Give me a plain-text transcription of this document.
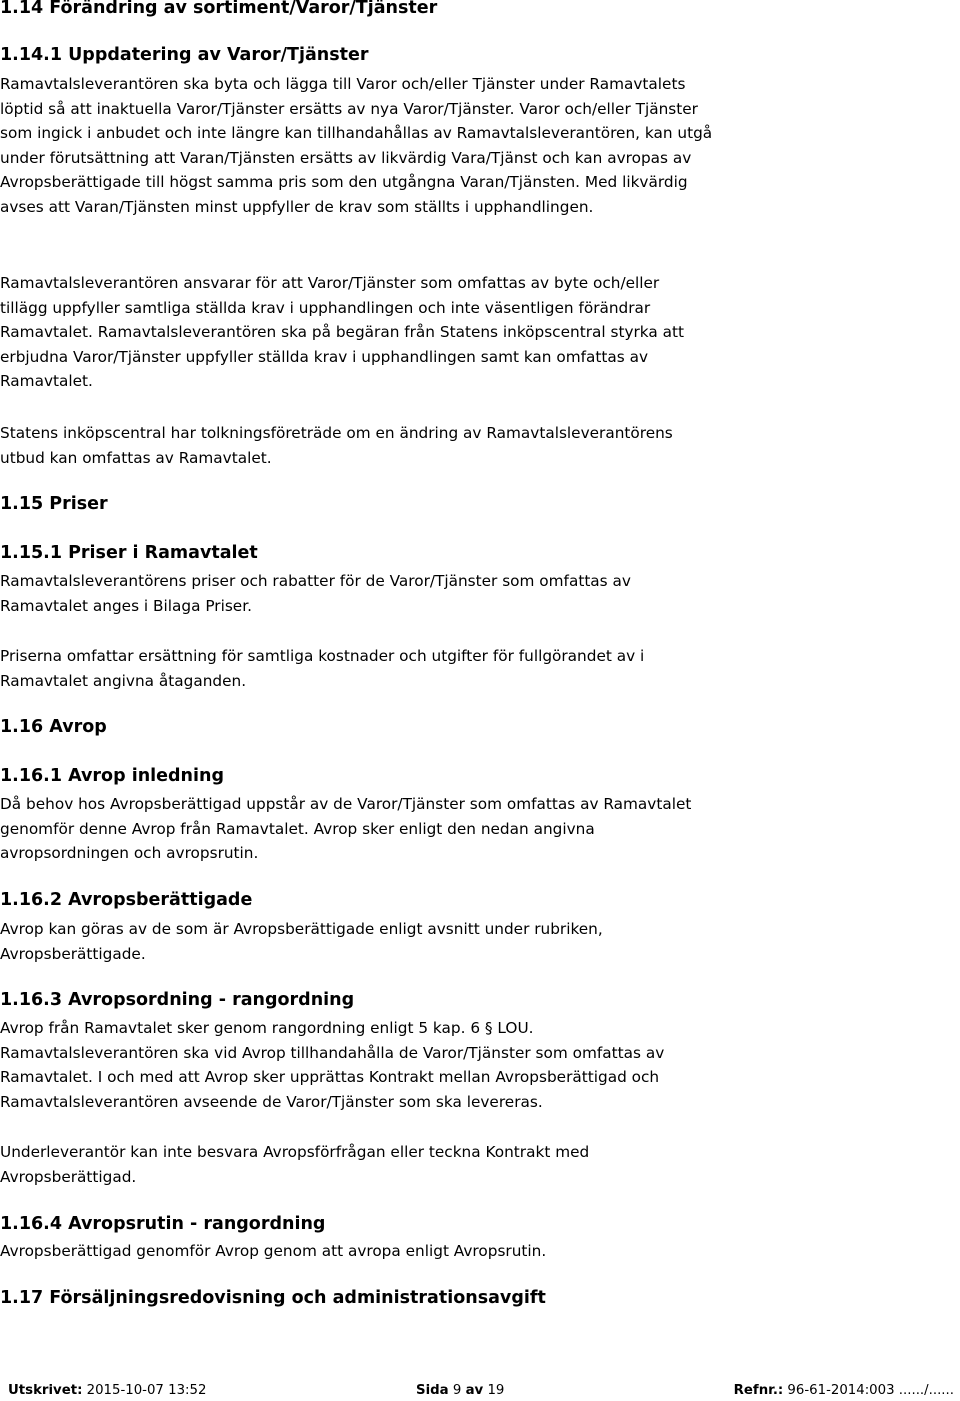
1.14 Förändring av sortiment/Varor/Tjänster
1.14.1 Uppdatering av Varor/Tjänster
Ramavtalsleverantören ska byta och lägga till Varor och/eller Tjänster under Ramavtalets
löptid så att inaktuella Varor/Tjänster ersätts av nya Varor/Tjänster. Varor och/eller Tjänster
som ingick i anbudet och inte längre kan tillhandahållas av Ramavtalsleverantören, kan utgå
under förutsättning att Varan/Tjänsten ersätts av likvärdig Vara/Tjänst och kan avropas av
Avropsberättigade till högst samma pris som den utgångna Varan/Tjänsten. Med likvärdig
avses att Varan/Tjänsten minst uppfyller de krav som ställts i upphandlingen.
Ramavtalsleverantören ansvarar för att Varor/Tjänster som omfattas av byte och/eller
tillägg uppfyller samtliga ställda krav i upphandlingen och inte väsentligen förändrar
Ramavtalet. Ramavtalsleverantören ska på begäran från Statens inköpscentral styrka att
erbjudna Varor/Tjänster uppfyller ställda krav i upphandlingen samt kan omfattas av
Ramavtalet.
Statens inköpscentral har tolkningsföreträde om en ändring av Ramavtalsleverantörens
utbud kan omfattas av Ramavtalet.
1.15 Priser
1.15.1 Priser i Ramavtalet
Ramavtalsleverantörens priser och rabatter för de Varor/Tjänster som omfattas av
Ramavtalet anges i Bilaga Priser.
Priserna omfattar ersättning för samtliga kostnader och utgifter för fullgörandet av i
Ramavtalet angivna åtaganden.
1.16 Avrop
1.16.1 Avrop inledning
Då behov hos Avropsberättigad uppstår av de Varor/Tjänster som omfattas av Ramavtalet
genomför denne Avrop från Ramavtalet. Avrop sker enligt den nedan angivna
avropsordningen och avropsrutin.
1.16.2 Avropsberättigade
Avrop kan göras av de som är Avropsberättigade enligt avsnitt under rubriken,
Avropsberättigade.
1.16.3 Avropsordning - rangordning
Avrop från Ramavtalet sker genom rangordning enligt 5 kap. 6 § LOU.
Ramavtalsleverantören ska vid Avrop tillhandahålla de Varor/Tjänster som omfattas av
Ramavtalet. I och med att Avrop sker upprättas Kontrakt mellan Avropsberättigad och
Ramavtalsleverantören avseende de Varor/Tjänster som ska levereras.
Underleverantör kan inte besvara Avropsförfrågan eller teckna Kontrakt med
Avropsberättigad.
1.16.4 Avropsrutin - rangordning
Avropsberättigad genomför Avrop genom att avropa enligt Avropsrutin.
1.17 Försäljningsredovisning och administrationsavgift
Utskrivet: 2015-10-07 13:52	Sida 9 av 19	Refnr.: 96-61-2014:003 ....../......
